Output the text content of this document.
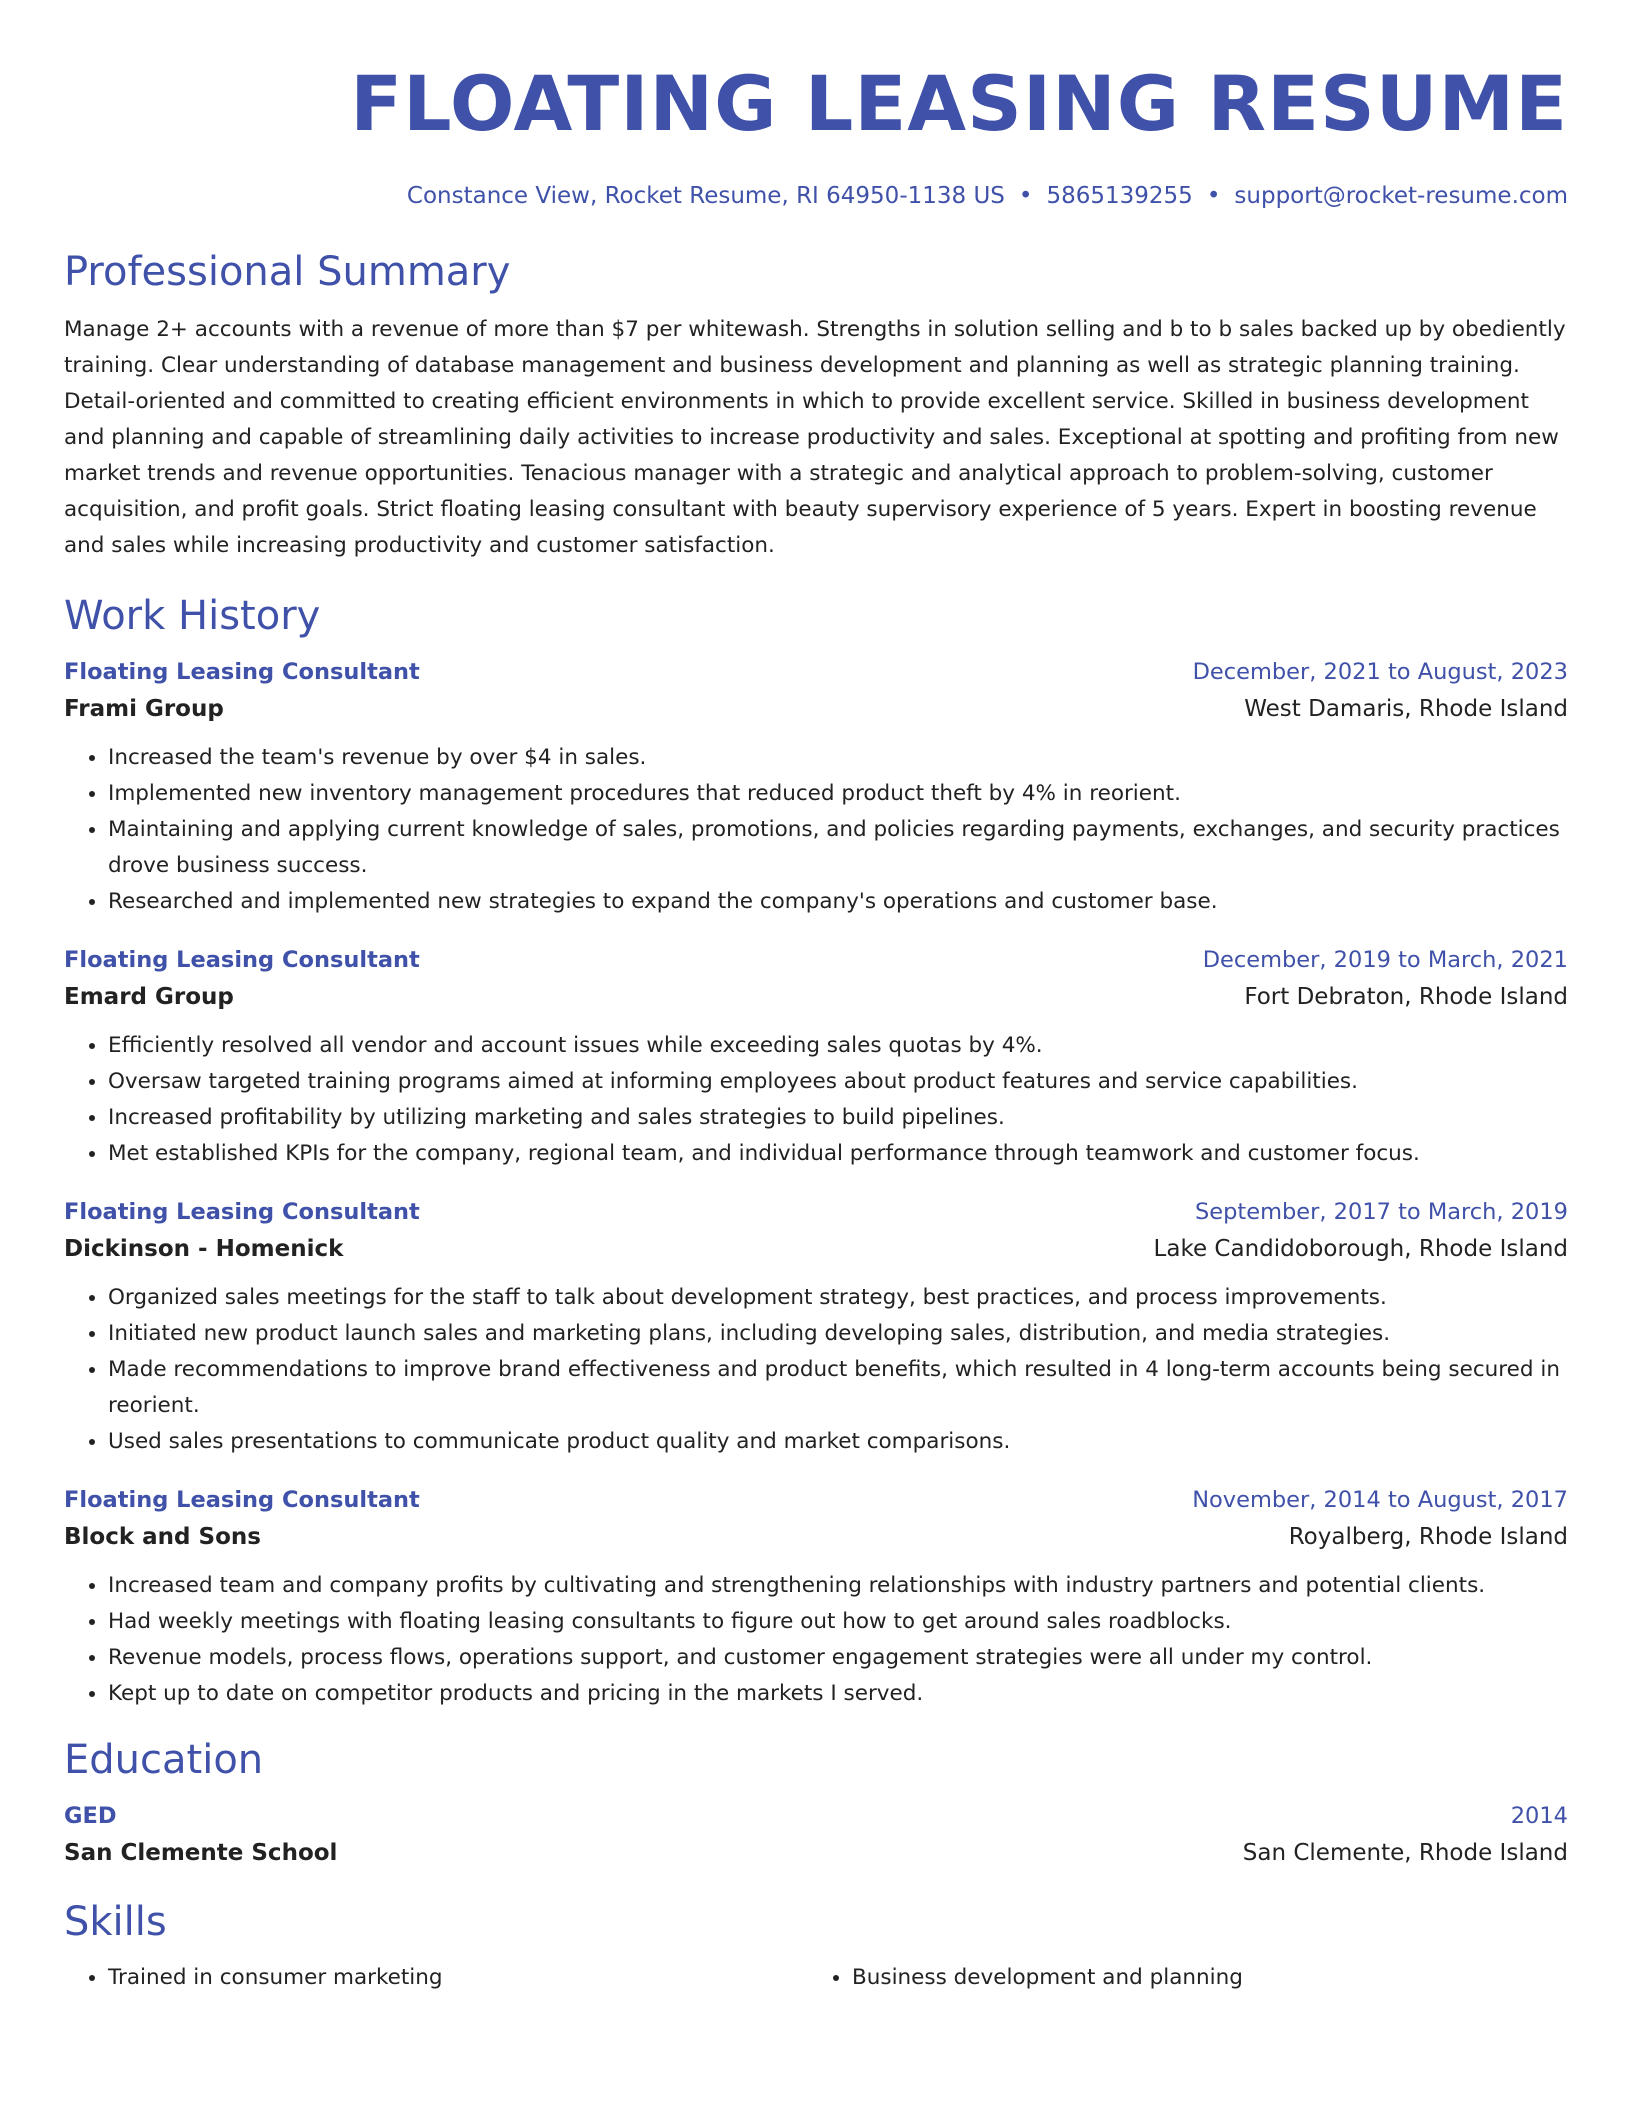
FLOATING LEASING RESUME
Constance View, Rocket Resume, RI 64950-1138 US • 5865139255 • support@rocket-resume.com
Professional Summary

Manage 2+ accounts with a revenue of more than $7 per whitewash. Strengths in solution selling and b to b sales backed up by obediently training. Clear understanding of database management and business development and planning as well as strategic planning training. Detail-oriented and committed to creating efficient environments in which to provide excellent service. Skilled in business development and planning and capable of streamlining daily activities to increase productivity and sales. Exceptional at spotting and profiting from new market trends and revenue opportunities. Tenacious manager with a strategic and analytical approach to problem-solving, customer acquisition, and profit goals. Strict floating leasing consultant with beauty supervisory experience of 5 years. Expert in boosting revenue and sales while increasing productivity and customer satisfaction.

Work History
Floating Leasing Consultant	December, 2021 to August, 2023
Frami Group	West Damaris, Rhode Island
• Increased the team's revenue by over $4 in sales.
• Implemented new inventory management procedures that reduced product theft by 4% in reorient.
• Maintaining and applying current knowledge of sales, promotions, and policies regarding payments, exchanges, and security practices drove business success.
• Researched and implemented new strategies to expand the company's operations and customer base.
Floating Leasing Consultant	December, 2019 to March, 2021
Emard Group	Fort Debraton, Rhode Island
• Efficiently resolved all vendor and account issues while exceeding sales quotas by 4%.
• Oversaw targeted training programs aimed at informing employees about product features and service capabilities.
• Increased profitability by utilizing marketing and sales strategies to build pipelines.
• Met established KPIs for the company, regional team, and individual performance through teamwork and customer focus.
Floating Leasing Consultant	September, 2017 to March, 2019
Dickinson - Homenick	Lake Candidoborough, Rhode Island
• Organized sales meetings for the staff to talk about development strategy, best practices, and process improvements.
• Initiated new product launch sales and marketing plans, including developing sales, distribution, and media strategies.
• Made recommendations to improve brand effectiveness and product benefits, which resulted in 4 long-term accounts being secured in reorient.
• Used sales presentations to communicate product quality and market comparisons.
Floating Leasing Consultant	November, 2014 to August, 2017
Block and Sons	Royalberg, Rhode Island
• Increased team and company profits by cultivating and strengthening relationships with industry partners and potential clients.
• Had weekly meetings with floating leasing consultants to figure out how to get around sales roadblocks.
• Revenue models, process flows, operations support, and customer engagement strategies were all under my control.
• Kept up to date on competitor products and pricing in the markets I served.
Education
GED	2014
San Clemente School	San Clemente, Rhode Island
Skills
• Trained in consumer marketing
•	Business development and planning
